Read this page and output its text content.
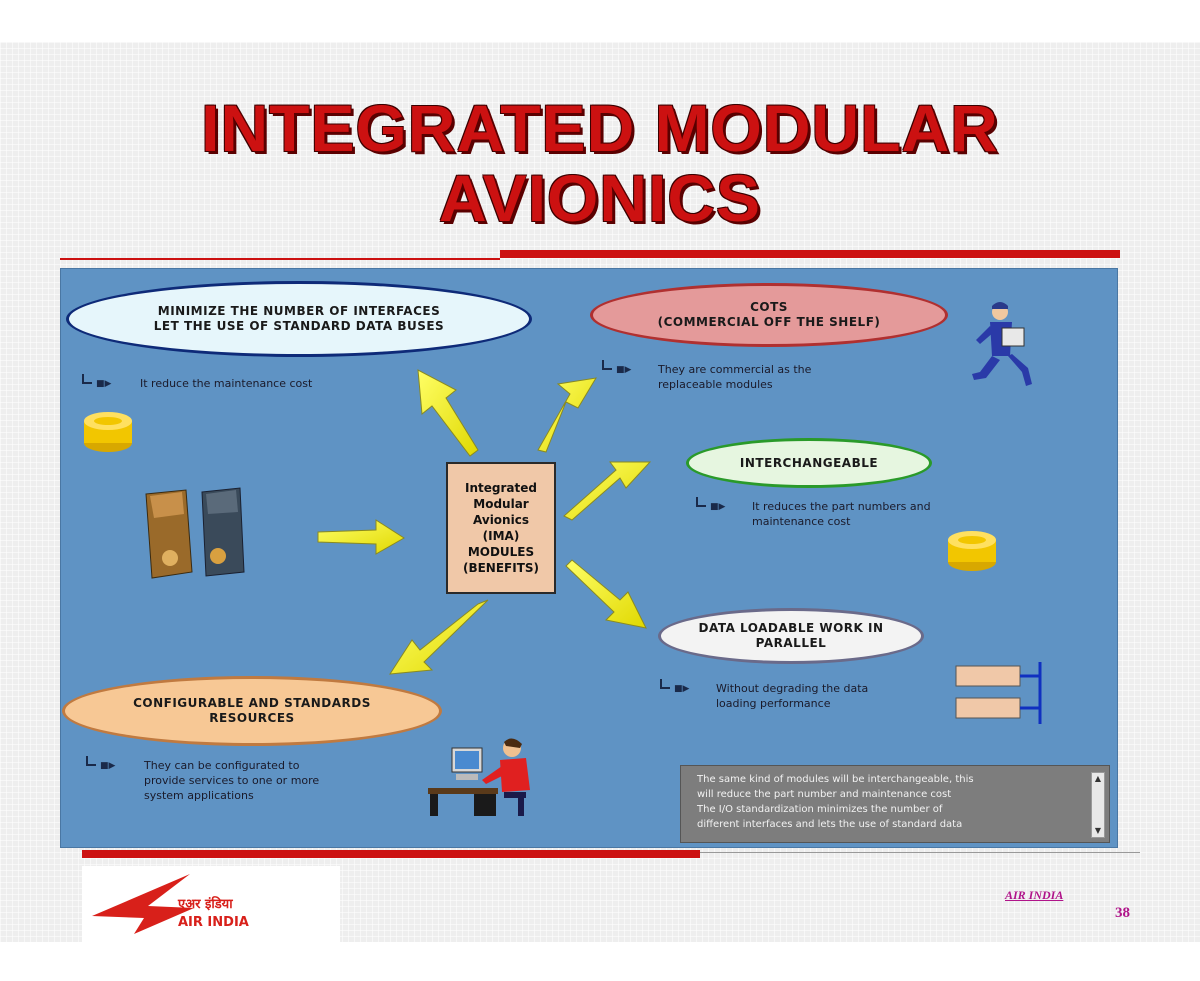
INTEGRATED MODULAR
AVIONICS
MINIMIZE THE NUMBER OF INTERFACES
LET THE USE OF STANDARD DATA BUSES
■▶	It reduce the maintenance cost
COTS
(COMMERCIAL OFF THE SHELF)
■▶ They are commercial as the
replaceable modules
INTERCHANGEABLE
■▶ It reduces the part numbers and
maintenance cost
DATA LOADABLE WORK IN
PARALLEL
■▶ Without degrading the data
loading performance
CONFIGURABLE AND STANDARDS
RESOURCES
■▶	They can be configurated to
provide services to one or more
system applications
Integrated
Modular
Avionics
(IMA)
MODULES
(BENEFITS)
The same kind of modules will be interchangeable, this
will reduce the part number and maintenance cost
The I/O standardization minimizes the number of
different interfaces and lets the use of standard data
▲
▼
एअर इंडिया
AIR INDIA
AIR INDIA
38
